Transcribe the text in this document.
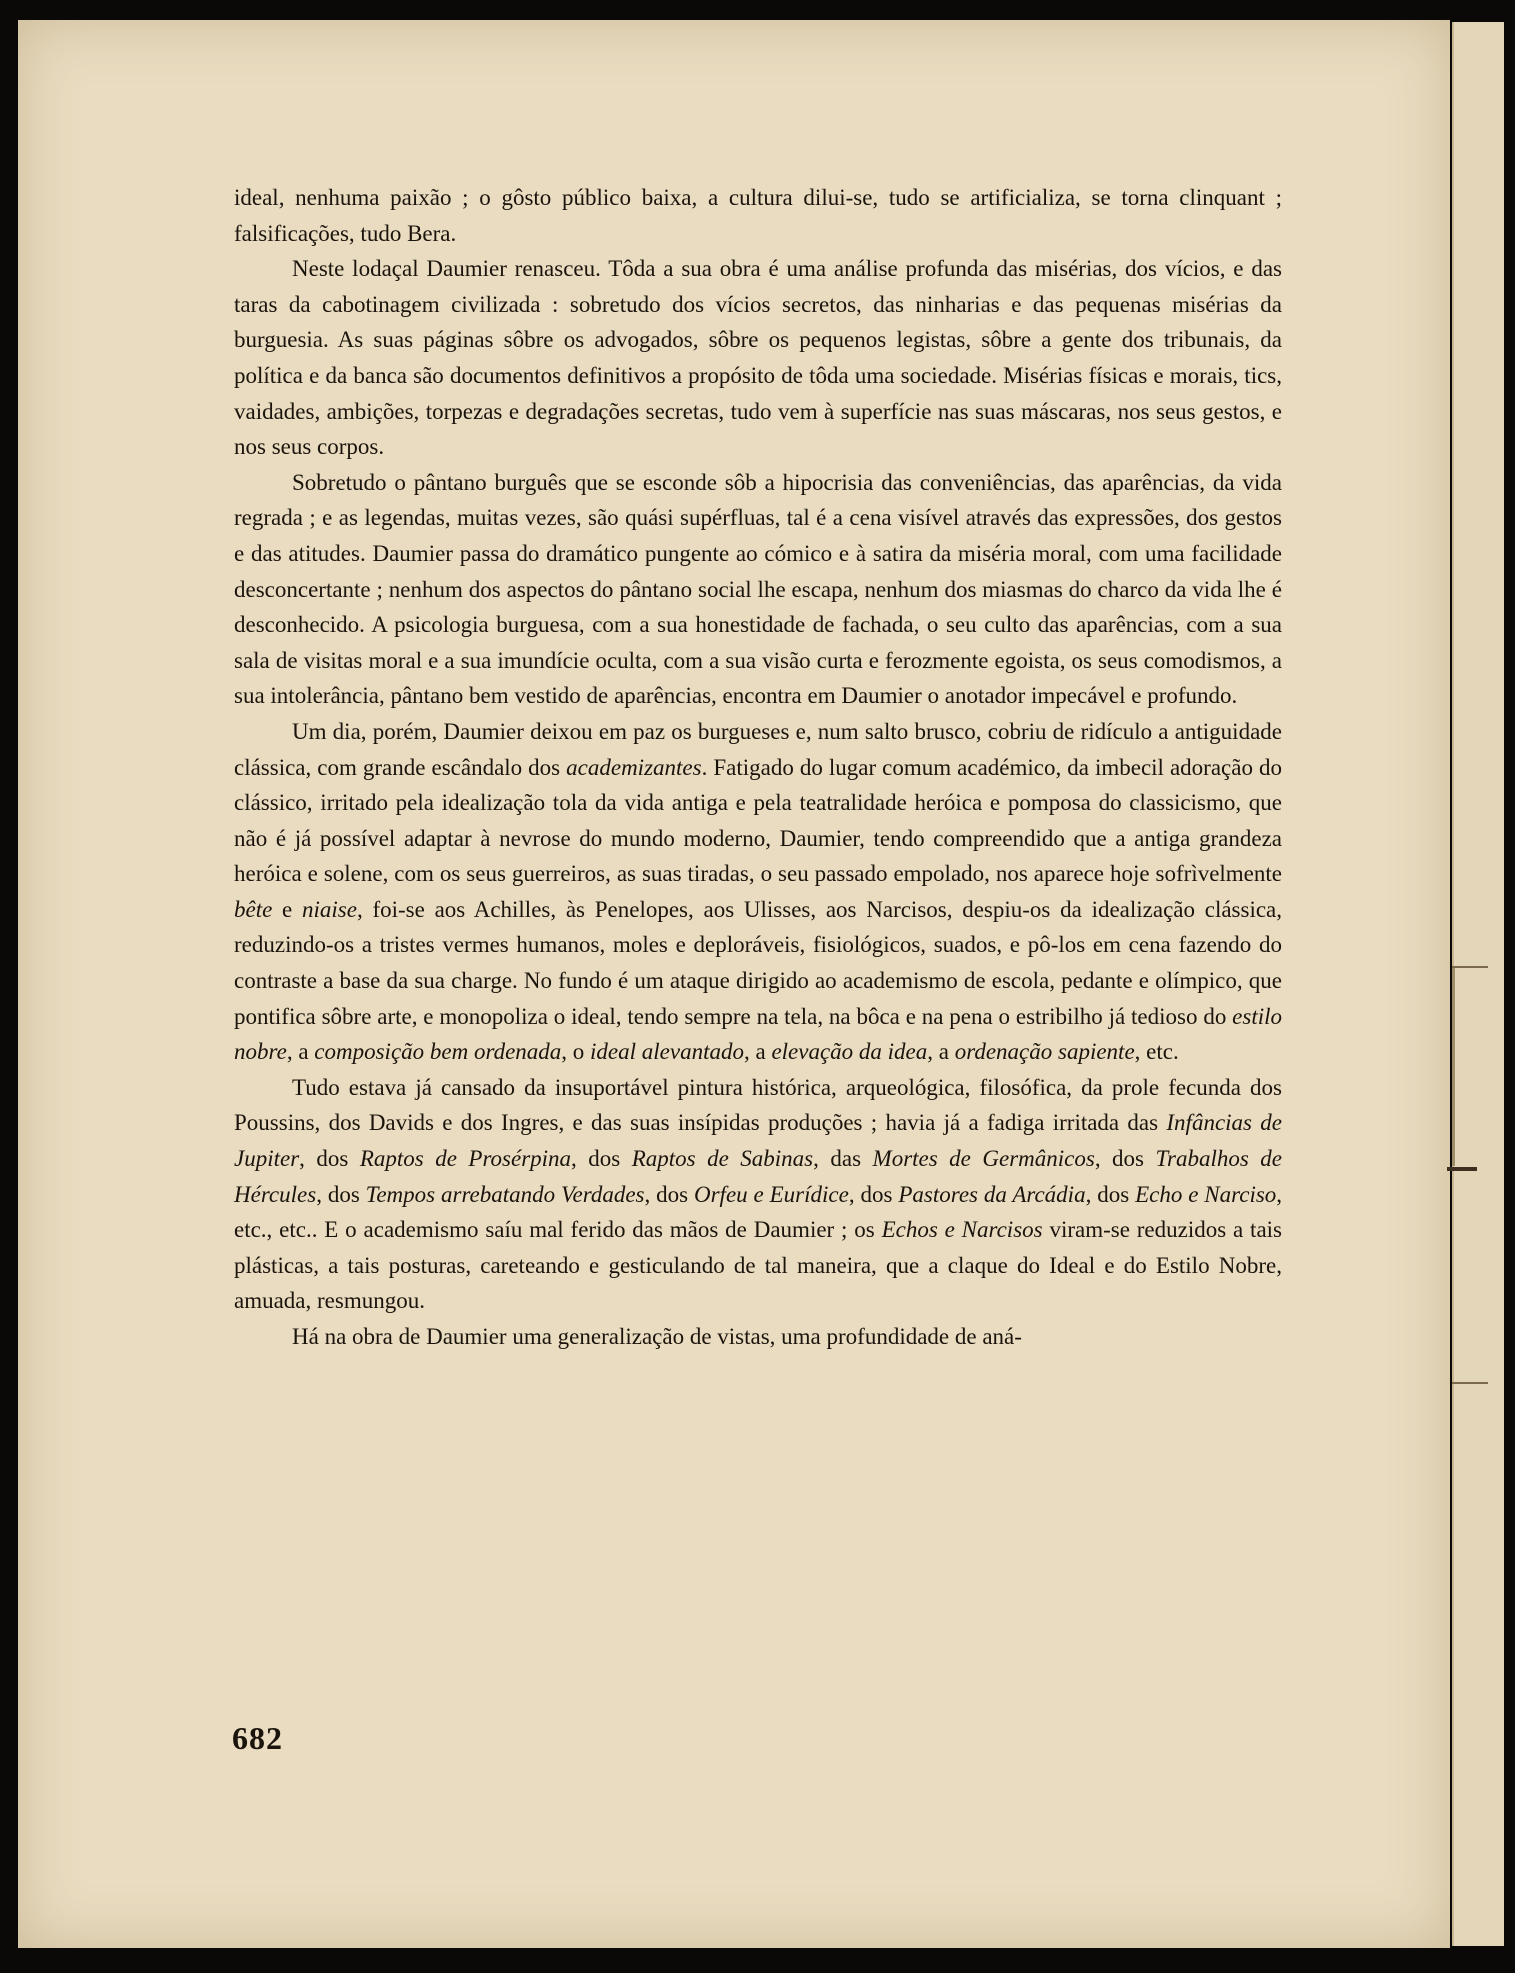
ideal, nenhuma paixão ; o gôsto público baixa, a cultura dilui-se, tudo se artificializa, se torna clinquant ; falsificações, tudo Bera.

Neste lodaçal Daumier renasceu. Tôda a sua obra é uma análise profunda das misérias, dos vícios, e das taras da cabotinagem civilizada : sobretudo dos vícios secretos, das ninharias e das pequenas misérias da burguesia. As suas páginas sôbre os advogados, sôbre os pequenos legistas, sôbre a gente dos tribunais, da política e da banca são documentos definitivos a propósito de tôda uma sociedade. Misérias físicas e morais, tics, vaidades, ambições, torpezas e degradações secretas, tudo vem à superfície nas suas máscaras, nos seus gestos, e nos seus corpos.

Sobretudo o pântano burguês que se esconde sôb a hipocrisia das conveniências, das aparências, da vida regrada ; e as legendas, muitas vezes, são quási supérfluas, tal é a cena visível através das expressões, dos gestos e das atitudes. Daumier passa do dramático pungente ao cómico e à satira da miséria moral, com uma facilidade desconcertante ; nenhum dos aspectos do pântano social lhe escapa, nenhum dos miasmas do charco da vida lhe é desconhecido. A psicologia burguesa, com a sua honestidade de fachada, o seu culto das aparências, com a sua sala de visitas moral e a sua imundície oculta, com a sua visão curta e ferozmente egoista, os seus comodismos, a sua intolerância, pântano bem vestido de aparências, encontra em Daumier o anotador impecável e profundo.

Um dia, porém, Daumier deixou em paz os burgueses e, num salto brusco, cobriu de ridículo a antiguidade clássica, com grande escândalo dos academizantes. Fatigado do lugar comum académico, da imbecil adoração do clássico, irritado pela idealização tola da vida antiga e pela teatralidade heróica e pomposa do classicismo, que não é já possível adaptar à nevrose do mundo moderno, Daumier, tendo compreendido que a antiga grandeza heróica e solene, com os seus guerreiros, as suas tiradas, o seu passado empolado, nos aparece hoje sofrìvelmente bête e niaise, foi-se aos Achilles, às Penelopes, aos Ulisses, aos Narcisos, despiu-os da idealização clássica, reduzindo-os a tristes vermes humanos, moles e deploráveis, fisiológicos, suados, e pô-los em cena fazendo do contraste a base da sua charge. No fundo é um ataque dirigido ao academismo de escola, pedante e olímpico, que pontifica sôbre arte, e monopoliza o ideal, tendo sempre na tela, na bôca e na pena o estribilho já tedioso do estilo nobre, a composição bem ordenada, o ideal alevantado, a elevação da idea, a ordenação sapiente, etc.

Tudo estava já cansado da insuportável pintura histórica, arqueológica, filosófica, da prole fecunda dos Poussins, dos Davids e dos Ingres, e das suas insípidas produções ; havia já a fadiga irritada das Infâncias de Jupiter, dos Raptos de Prosérpina, dos Raptos de Sabinas, das Mortes de Germânicos, dos Trabalhos de Hércules, dos Tempos arrebatando Verdades, dos Orfeu e Eurídice, dos Pastores da Arcádia, dos Echo e Narciso, etc., etc.. E o academismo saíu mal ferido das mãos de Daumier ; os Echos e Narcisos viram-se reduzidos a tais plásticas, a tais posturas, careteando e gesticulando de tal maneira, que a claque do Ideal e do Estilo Nobre, amuada, resmungou.

Há na obra de Daumier uma generalização de vistas, uma profundidade de aná-

682
